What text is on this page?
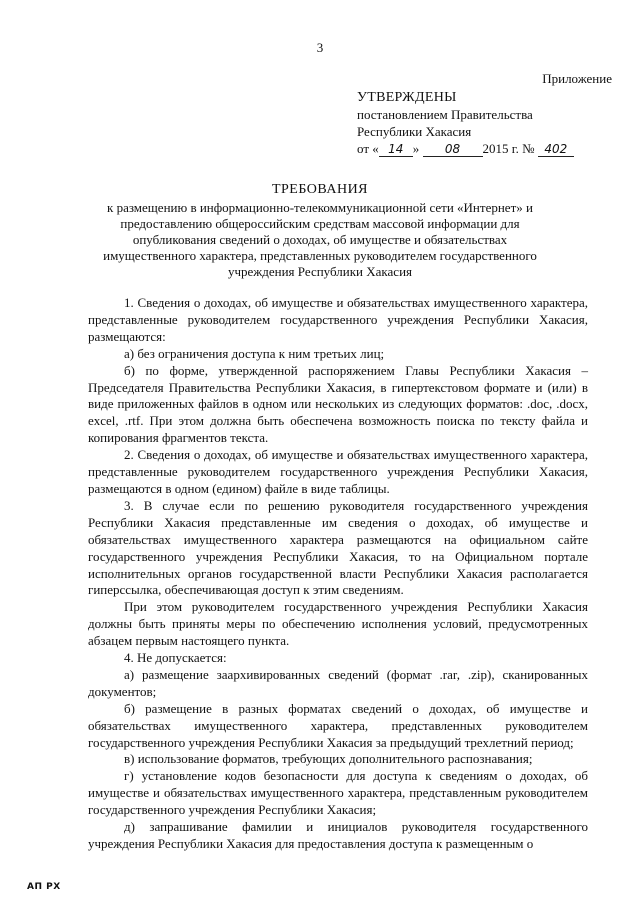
3
Приложение
УТВЕРЖДЕНЫ
постановлением Правительства
Республики Хакасия
от « 14 » 08 2015 г. № 402
ТРЕБОВАНИЯ
к размещению в информационно-телекоммуникационной сети «Интернет» и
предоставлению общероссийским средствам массовой информации для
опубликования сведений о доходах, об имуществе и обязательствах
имущественного характера, представленных руководителем государственного
учреждения Республики Хакасия

1. Сведения о доходах, об имуществе и обязательствах имущественного характера, представленные руководителем государственного учреждения Республики Хакасия, размещаются:

а) без ограничения доступа к ним третьих лиц;

б) по форме, утвержденной распоряжением Главы Республики Хакасия – Председателя Правительства Республики Хакасия, в гипертекстовом формате и (или) в виде приложенных файлов в одном или нескольких из следующих форматов: .doc, .docx, excel, .rtf. При этом должна быть обеспечена возможность поиска по тексту файла и копирования фрагментов текста.

2. Сведения о доходах, об имуществе и обязательствах имущественного характера, представленные руководителем государственного учреждения Республики Хакасия, размещаются в одном (едином) файле в виде таблицы.

3. В случае если по решению руководителя государственного учреждения Республики Хакасия представленные им сведения о доходах, об имуществе и обязательствах имущественного характера размещаются на официальном сайте государственного учреждения Республики Хакасия, то на Официальном портале исполнительных органов государственной власти Республики Хакасия располагается гиперссылка, обеспечивающая доступ к этим сведениям.

При этом руководителем государственного учреждения Республики Хакасия должны быть приняты меры по обеспечению исполнения условий, предусмотренных абзацем первым настоящего пункта.

4. Не допускается:

а) размещение заархивированных сведений (формат .rar, .zip), сканированных документов;

б) размещение в разных форматах сведений о доходах, об имуществе и обязательствах имущественного характера, представленных руководителем государственного учреждения Республики Хакасия за предыдущий трехлетний период;

в) использование форматов, требующих дополнительного распознавания;

г) установление кодов безопасности для доступа к сведениям о доходах, об имуществе и обязательствах имущественного характера, представленным руководителем государственного учреждения Республики Хакасия;

д) запрашивание фамилии и инициалов руководителя государственного учреждения Республики Хакасия для предоставления доступа к размещенным о

АП РХ
